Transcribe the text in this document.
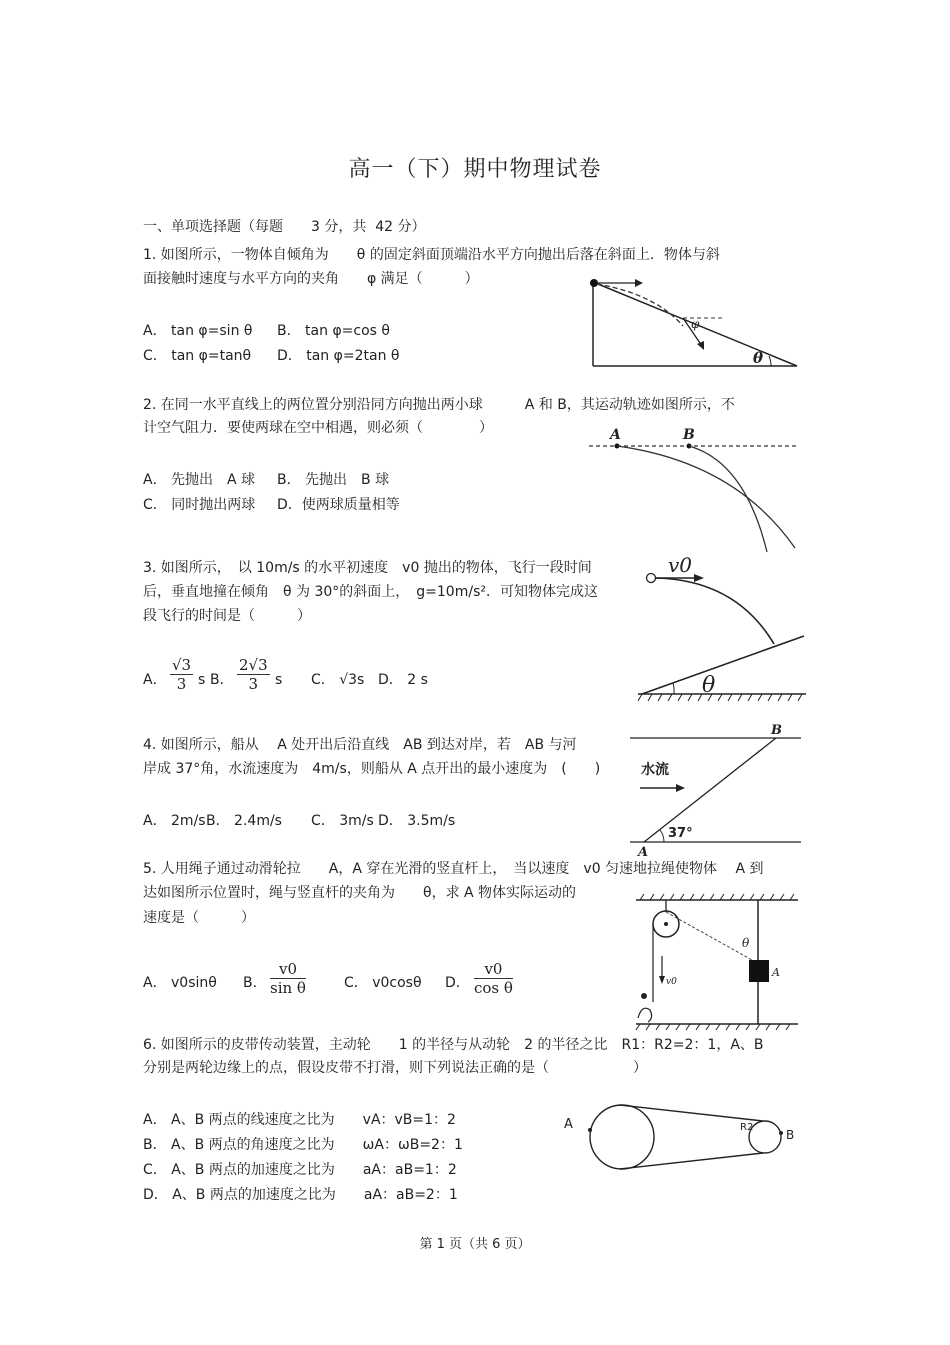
高一（下）期中物理试卷
一、单项选择题（每题　　3 分，共  42 分）
1. 如图所示，一物体自倾角为　　θ 的固定斜面顶端沿水平方向抛出后落在斜面上．物体与斜
面接触时速度与水平方向的夹角　　φ 满足（　　　）
A． tan φ=sin θ B． tan φ=cos θ
C． tan φ=tanθ D． tan φ=2tan θ
φ
θ
2. 在同一水平直线上的两位置分别沿同方向抛出两小球　　　A 和 B，其运动轨迹如图所示，不
计空气阻力．要使两球在空中相遇，则必须（　　　　）
A． 先抛出　A 球 B． 先抛出　B 球
C． 同时抛出两球 D．使两球质量相等
A	B
3. 如图所示，　以 10m/s 的水平初速度　v0 抛出的物体，飞行一段时间
后，垂直地撞在倾角　θ 为 30°的斜面上，　g=10m/s²．可知物体完成这
段飞行的时间是（　　　）
A． $\frac{√3}{3}$ s B． $\frac{2√3}{3}$ s C． √3s D． 2 s
v0
θ
4. 如图所示，船从　 A 处开出后沿直线　AB 到达对岸，若　AB 与河
岸成 37°角，水流速度为　4m/s，则船从 A 点开出的最小速度为　(　　)
A． 2m/s B． 2.4m/s C． 3m/s D． 3.5m/s
B
A
水流
37°
5. 人用绳子通过动滑轮拉　　A，A 穿在光滑的竖直杆上，　当以速度　v0 匀速地拉绳使物体　 A 到
达如图所示位置时，绳与竖直杆的夹角为　　θ，求 A 物体实际运动的
速度是（　　　）
A． v0sinθ B． $\frac{v0}{\text{sin θ}}$	C． v0cosθ D． $\frac{v0}{\text{cos θ}}$	A
θ
v0
6. 如图所示的皮带传动装置，主动轮　　1 的半径与从动轮　2 的半径之比　R1：R2=2：1，A、B
分别是两轮边缘上的点，假设皮带不打滑，则下列说法正确的是（　　　　　　）
A． A、B 两点的线速度之比为　　vA：vB=1：2
B． A、B 两点的角速度之比为　　ωA：ωB=2：1
C． A、B 两点的加速度之比为　　aA：aB=1：2
D． A、B 两点的加速度之比为　　aA：aB=2：1
A
B
R2
第 1 页（共 6 页）
